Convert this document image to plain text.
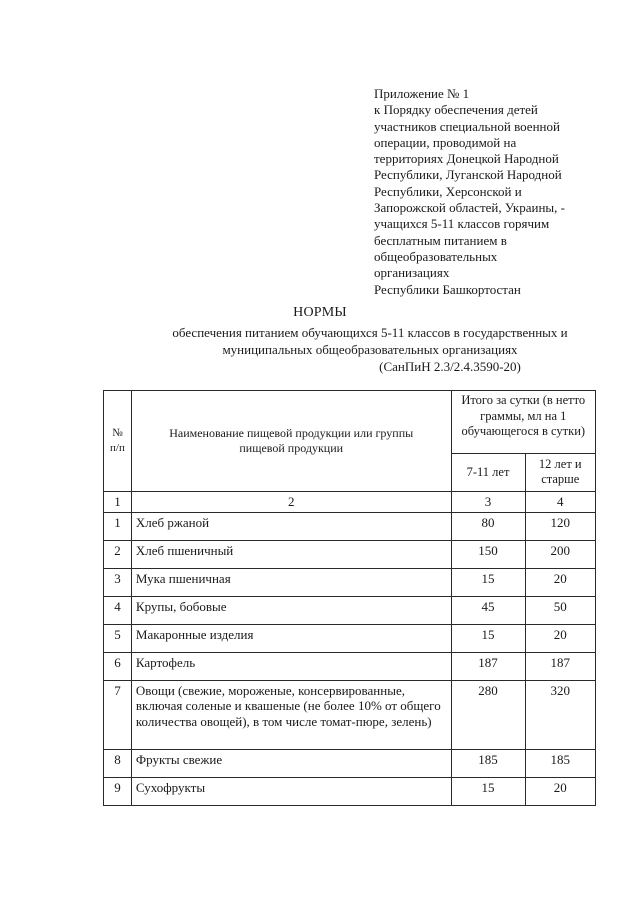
Приложение № 1
к Порядку обеспечения детей
участников специальной военной
операции, проводимой на
территориях Донецкой Народной
Республики, Луганской Народной
Республики, Херсонской и
Запорожской областей, Украины, -
учащихся 5-11 классов горячим
бесплатным питанием в
общеобразовательных
организациях
Республики Башкортостан
НОРМЫ
обеспечения питанием обучающихся 5-11 классов в государственных и
муниципальных общеобразовательных организациях
(СанПиН 2.3/2.4.3590-20)
№ п/п	Наименование пищевой продукции или группы пищевой продукции	Итого за сутки (в нетто граммы, мл на 1 обучающегося в сутки)	
		7-11 лет	12 лет и старше
1	2	3	4
1	Хлеб ржаной	80	120
2	Хлеб пшеничный	150	200
3	Мука пшеничная	15	20
4	Крупы, бобовые	45	50
5	Макаронные изделия	15	20
6	Картофель	187	187
7	Овощи (свежие, мороженые, консервированные, включая соленые и квашеные (не более 10% от общего количества овощей), в том числе томат-пюре, зелень)	280	320
8	Фрукты свежие	185	185
9	Сухофрукты	15	20
